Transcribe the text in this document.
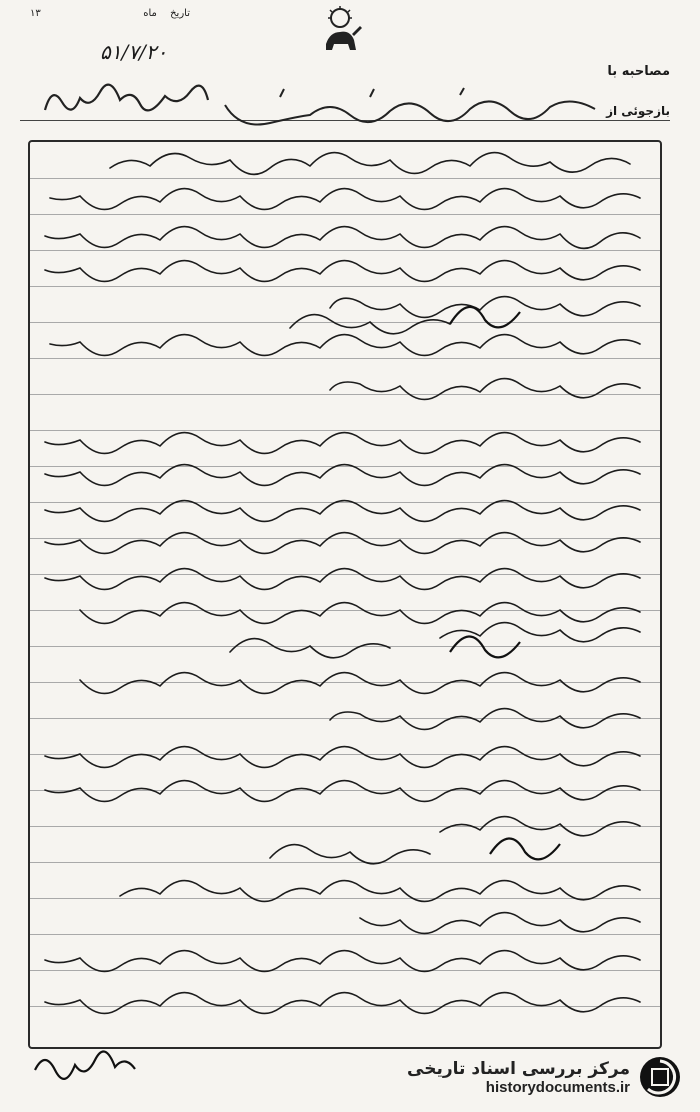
۱۳	تاریخ ماه
۵۱/۷/۲۰
مصاحبه با
بازجوئی از
مرکز بررسی اسناد تاریخی
historydocuments.ir
